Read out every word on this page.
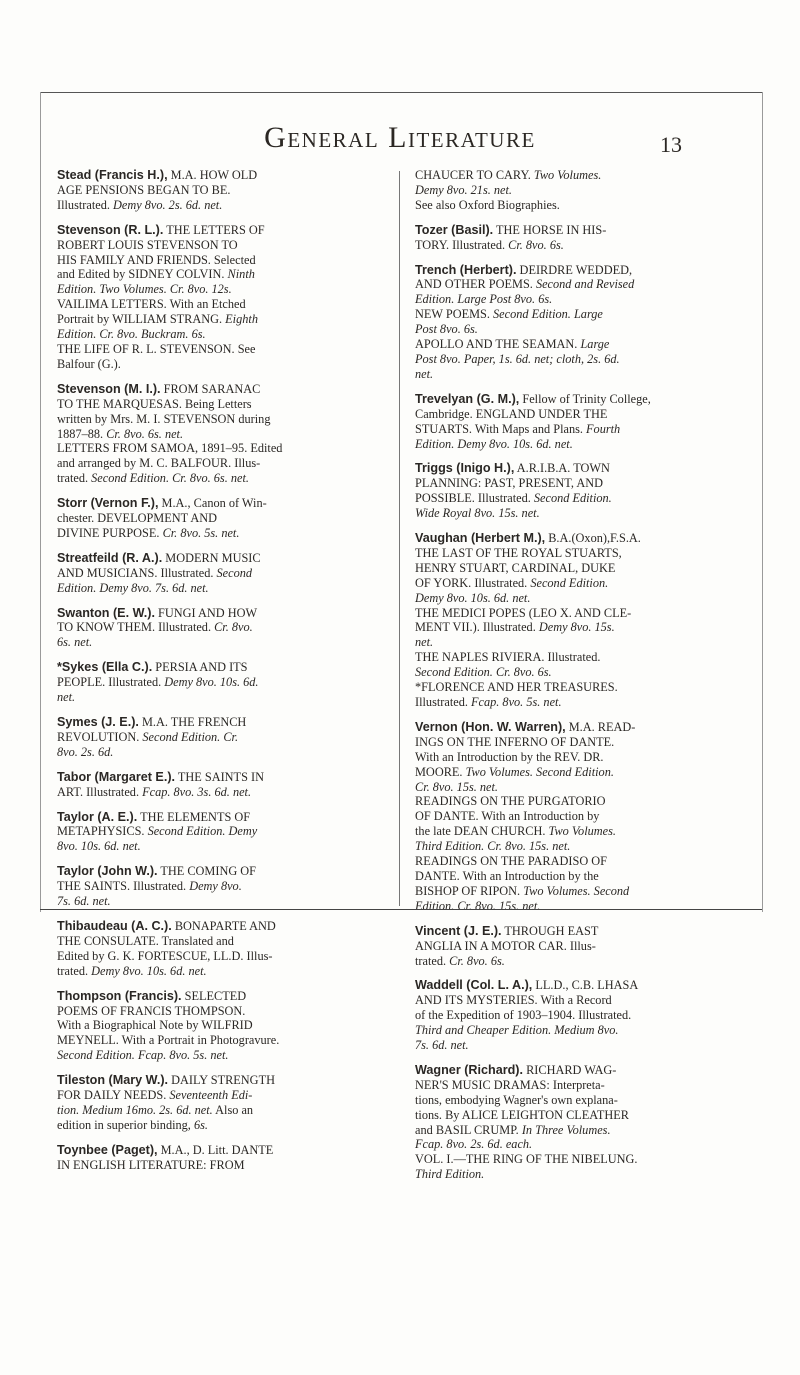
General Literature	13
Stead (Francis H.), M.A. HOW OLD
AGE PENSIONS BEGAN TO BE.
Illustrated. Demy 8vo. 2s. 6d. net.
Stevenson (R. L.). THE LETTERS OF
ROBERT LOUIS STEVENSON TO
HIS FAMILY AND FRIENDS. Selected
and Edited by SIDNEY COLVIN. Ninth
Edition. Two Volumes. Cr. 8vo. 12s.
VAILIMA LETTERS. With an Etched
Portrait by WILLIAM STRANG. Eighth
Edition. Cr. 8vo. Buckram. 6s.
THE LIFE OF R. L. STEVENSON. See
Balfour (G.).
Stevenson (M. I.). FROM SARANAC
TO THE MARQUESAS. Being Letters
written by Mrs. M. I. STEVENSON during
1887–88. Cr. 8vo. 6s. net.
LETTERS FROM SAMOA, 1891–95. Edited
and arranged by M. C. BALFOUR. Illus-
trated. Second Edition. Cr. 8vo. 6s. net.
Storr (Vernon F.), M.A., Canon of Win-
chester. DEVELOPMENT AND
DIVINE PURPOSE. Cr. 8vo. 5s. net.
Streatfeild (R. A.). MODERN MUSIC
AND MUSICIANS. Illustrated. Second
Edition. Demy 8vo. 7s. 6d. net.
Swanton (E. W.). FUNGI AND HOW
TO KNOW THEM. Illustrated. Cr. 8vo.
6s. net.
*Sykes (Ella C.). PERSIA AND ITS
PEOPLE. Illustrated. Demy 8vo. 10s. 6d.
net.
Symes (J. E.). M.A. THE FRENCH
REVOLUTION. Second Edition. Cr.
8vo. 2s. 6d.
Tabor (Margaret E.). THE SAINTS IN
ART. Illustrated. Fcap. 8vo. 3s. 6d. net.
Taylor (A. E.). THE ELEMENTS OF
METAPHYSICS. Second Edition. Demy
8vo. 10s. 6d. net.
Taylor (John W.). THE COMING OF
THE SAINTS. Illustrated. Demy 8vo.
7s. 6d. net.
Thibaudeau (A. C.). BONAPARTE AND
THE CONSULATE. Translated and
Edited by G. K. FORTESCUE, LL.D. Illus-
trated. Demy 8vo. 10s. 6d. net.
Thompson (Francis). SELECTED
POEMS OF FRANCIS THOMPSON.
With a Biographical Note by WILFRID
MEYNELL. With a Portrait in Photogravure.
Second Edition. Fcap. 8vo. 5s. net.
Tileston (Mary W.). DAILY STRENGTH
FOR DAILY NEEDS. Seventeenth Edi-
tion. Medium 16mo. 2s. 6d. net. Also an
edition in superior binding, 6s.
Toynbee (Paget), M.A., D. Litt. DANTE
IN ENGLISH LITERATURE: FROM
CHAUCER TO CARY. Two Volumes.
Demy 8vo. 21s. net.
See also Oxford Biographies.
Tozer (Basil). THE HORSE IN HIS-
TORY. Illustrated. Cr. 8vo. 6s.
Trench (Herbert). DEIRDRE WEDDED,
AND OTHER POEMS. Second and Revised
Edition. Large Post 8vo. 6s.
NEW POEMS. Second Edition. Large
Post 8vo. 6s.
APOLLO AND THE SEAMAN. Large
Post 8vo. Paper, 1s. 6d. net; cloth, 2s. 6d.
net.
Trevelyan (G. M.), Fellow of Trinity College,
Cambridge. ENGLAND UNDER THE
STUARTS. With Maps and Plans. Fourth
Edition. Demy 8vo. 10s. 6d. net.
Triggs (Inigo H.), A.R.I.B.A. TOWN
PLANNING: PAST, PRESENT, AND
POSSIBLE. Illustrated. Second Edition.
Wide Royal 8vo. 15s. net.
Vaughan (Herbert M.), B.A.(Oxon),F.S.A.
THE LAST OF THE ROYAL STUARTS,
HENRY STUART, CARDINAL, DUKE
OF YORK. Illustrated. Second Edition.
Demy 8vo. 10s. 6d. net.
THE MEDICI POPES (LEO X. AND CLE-
MENT VII.). Illustrated. Demy 8vo. 15s.
net.
THE NAPLES RIVIERA. Illustrated.
Second Edition. Cr. 8vo. 6s.
*FLORENCE AND HER TREASURES.
Illustrated. Fcap. 8vo. 5s. net.
Vernon (Hon. W. Warren), M.A. READ-
INGS ON THE INFERNO OF DANTE.
With an Introduction by the REV. DR.
MOORE. Two Volumes. Second Edition.
Cr. 8vo. 15s. net.
READINGS ON THE PURGATORIO
OF DANTE. With an Introduction by
the late DEAN CHURCH. Two Volumes.
Third Edition. Cr. 8vo. 15s. net.
READINGS ON THE PARADISO OF
DANTE. With an Introduction by the
BISHOP OF RIPON. Two Volumes. Second
Edition. Cr. 8vo. 15s. net.
Vincent (J. E.). THROUGH EAST
ANGLIA IN A MOTOR CAR. Illus-
trated. Cr. 8vo. 6s.
Waddell (Col. L. A.), LL.D., C.B. LHASA
AND ITS MYSTERIES. With a Record
of the Expedition of 1903–1904. Illustrated.
Third and Cheaper Edition. Medium 8vo.
7s. 6d. net.
Wagner (Richard). RICHARD WAG-
NER'S MUSIC DRAMAS: Interpreta-
tions, embodying Wagner's own explana-
tions. By ALICE LEIGHTON CLEATHER
and BASIL CRUMP. In Three Volumes.
Fcap. 8vo. 2s. 6d. each.
VOL. I.—THE RING OF THE NIBELUNG.
Third Edition.
